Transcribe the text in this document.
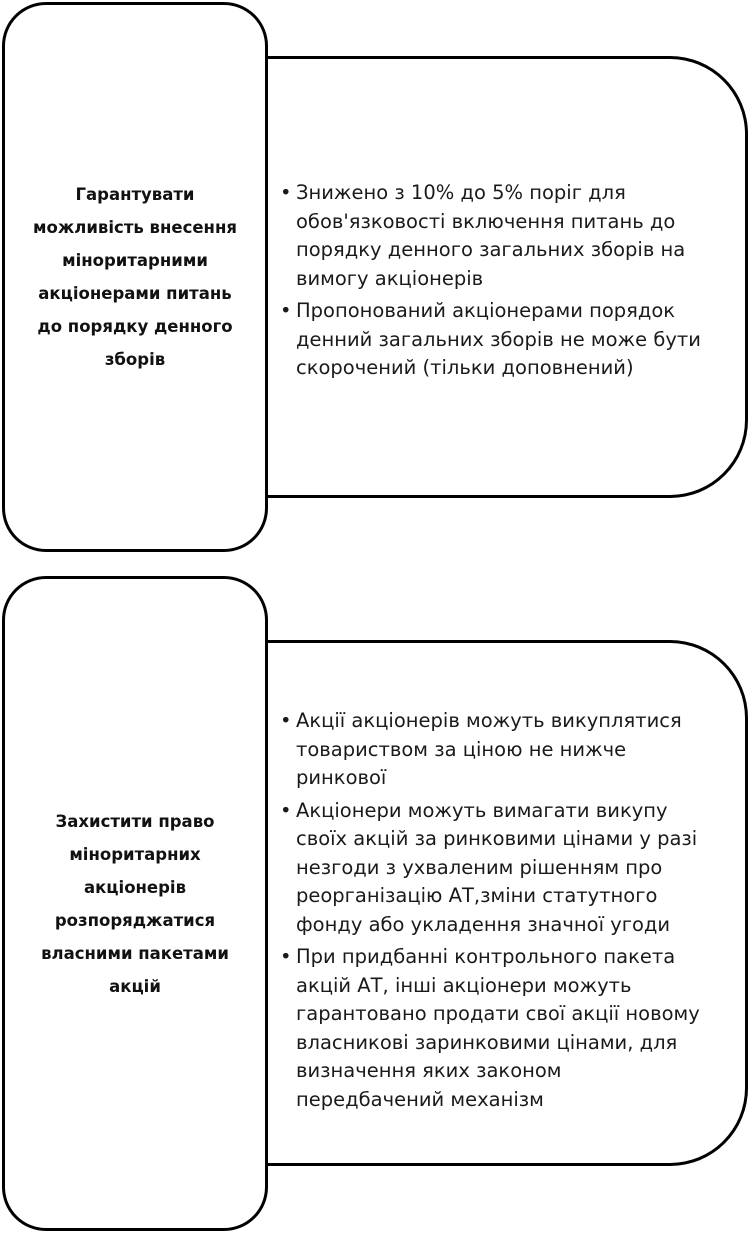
Гарантувати можливість внесення міноритарними акціонерами питань до порядку денного зборів
• Знижено з 10% до 5% поріг для обов'язковості включення питань до порядку денного загальних зборів на вимогу акціонерів
• Пропонований акціонерами порядок денний загальних зборів не може бути скорочений (тільки доповнений)
Захистити право міноритарних акціонерів розпоряджатися власними пакетами акцій
• Акції акціонерів можуть викуплятися товариством за ціною не нижче ринкової
• Акціонери можуть вимагати викупу своїх акцій за ринковими цінами у разі незгоди з ухваленим рішенням про реорганізацію АТ,зміни статутного фонду або укладення значної угоди
• При придбанні контрольного пакета акцій АТ, інші акціонери можуть гарантовано продати свої акції новому власникові заринковими цінами, для визначення яких законом передбачений механізм
